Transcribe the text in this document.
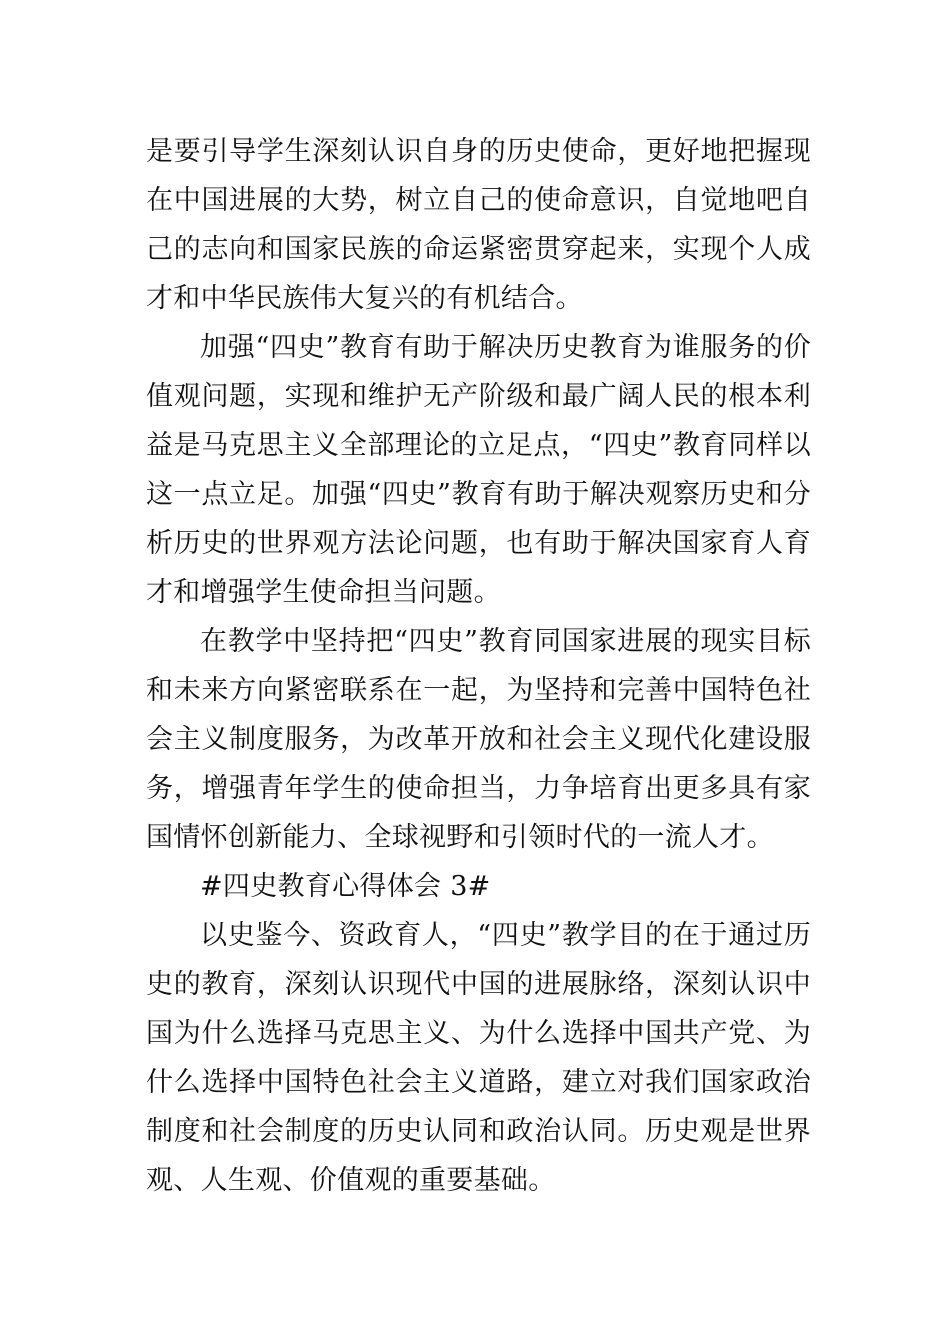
是要引导学生深刻认识自身的历史使命，更好地把握现在中国进展的大势，树立自己的使命意识，自觉地吧自己的志向和国家民族的命运紧密贯穿起来，实现个人成才和中华民族伟大复兴的有机结合。

加强“四史”教育有助于解决历史教育为谁服务的价值观问题，实现和维护无产阶级和最广阔人民的根本利益是马克思主义全部理论的立足点，“四史”教育同样以这一点立足。加强“四史”教育有助于解决观察历史和分析历史的世界观方法论问题，也有助于解决国家育人育才和增强学生使命担当问题。

在教学中坚持把“四史”教育同国家进展的现实目标和未来方向紧密联系在一起，为坚持和完善中国特色社会主义制度服务，为改革开放和社会主义现代化建设服务，增强青年学生的使命担当，力争培育出更多具有家国情怀创新能力、全球视野和引领时代的一流人才。

#四史教育心得体会 3#

以史鉴今、资政育人，“四史”教学目的在于通过历史的教育，深刻认识现代中国的进展脉络，深刻认识中国为什么选择马克思主义、为什么选择中国共产党、为什么选择中国特色社会主义道路，建立对我们国家政治制度和社会制度的历史认同和政治认同。历史观是世界观、人生观、价值观的重要基础。
